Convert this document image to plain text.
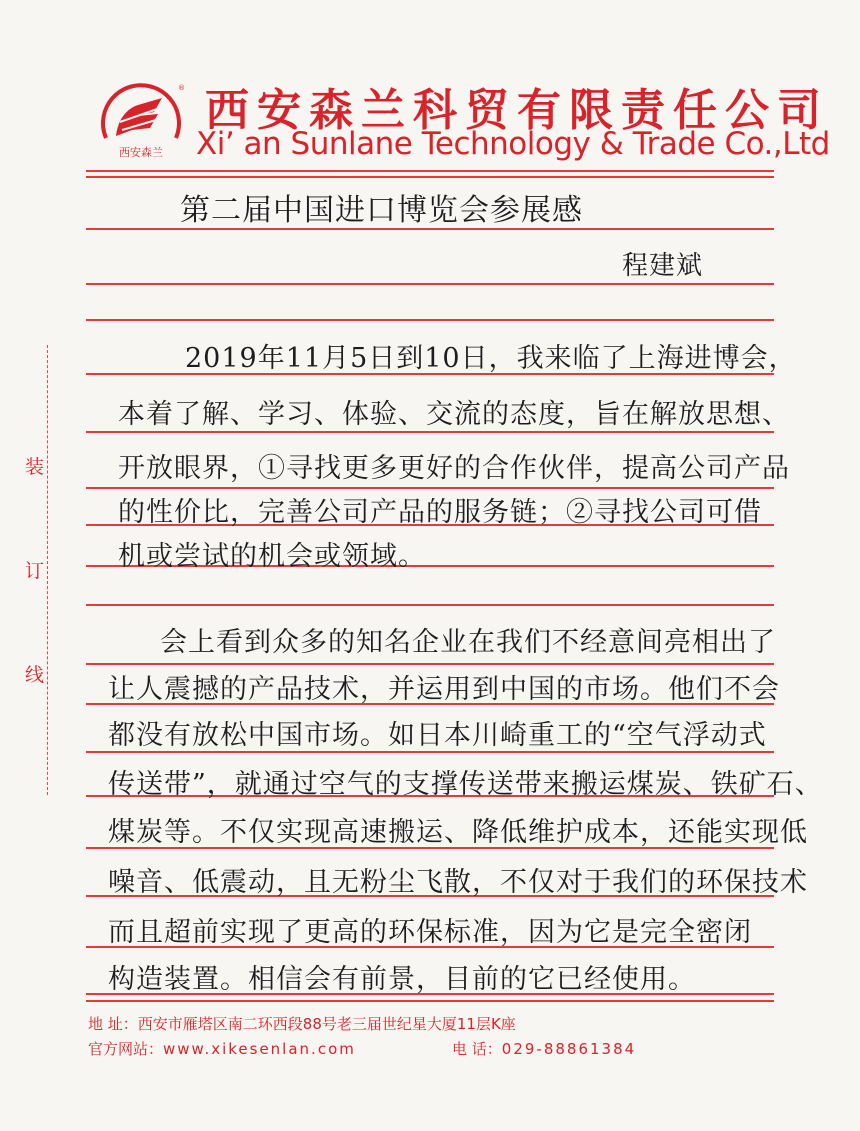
西安森兰
® 西安森兰科贸有限责任公司
Xi’ an Sunlane Technology & Trade Co.,Ltd
装
订
线
第二届中国进口博览会参展感
程建斌
2019年11月5日到10日，我来临了上海进博会，
本着了解、学习、体验、交流的态度，旨在解放思想、
开放眼界，①寻找更多更好的合作伙伴，提高公司产品
的性价比，完善公司产品的服务链；②寻找公司可借
机或尝试的机会或领域。
会上看到众多的知名企业在我们不经意间亮相出了
让人震撼的产品技术，并运用到中国的市场。他们不会
都没有放松中国市场。如日本川崎重工的“空气浮动式
传送带”，就通过空气的支撑传送带来搬运煤炭、铁矿石、
煤炭等。不仅实现高速搬运、降低维护成本，还能实现低
噪音、低震动，且无粉尘飞散，不仅对于我们的环保技术
而且超前实现了更高的环保标准，因为它是完全密闭
构造装置。相信会有前景，目前的它已经使用。
地 址：西安市雁塔区南二环西段88号老三届世纪星大厦11层K座
官方网站：www.xikesenlan.com	电 话：029-88861384
